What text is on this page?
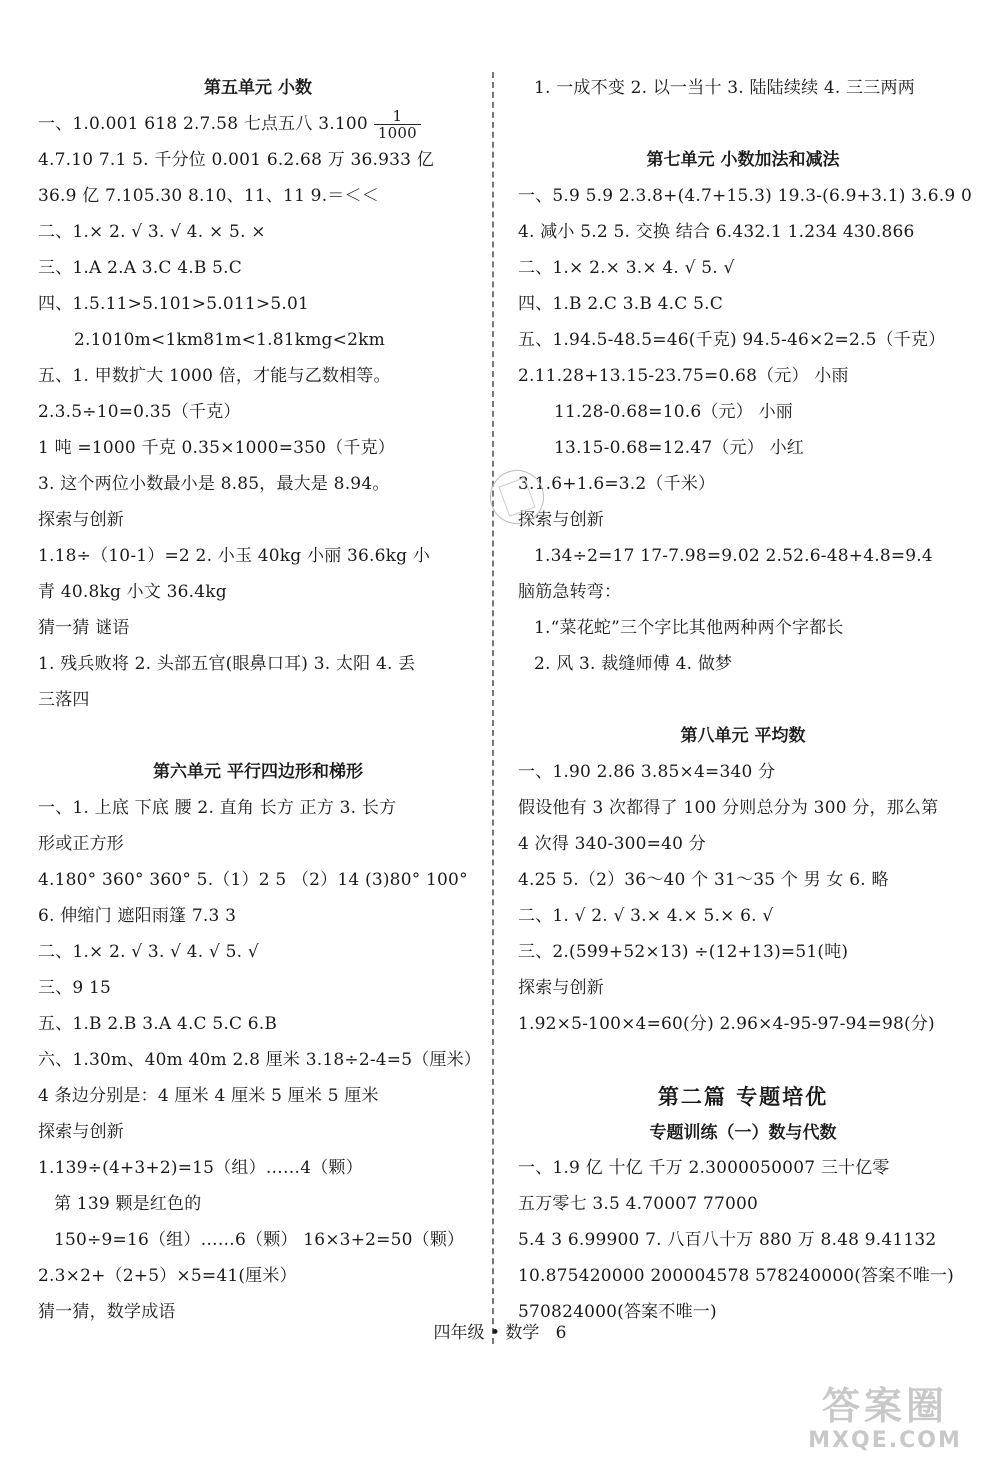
第五单元 小数
一、1.0.001 618 2.7.58 七点五八 $3.100 \frac{1}{1000}$
4.7.10 7.1 5. 千分位 0.001 6.2.68 万 36.933 亿
36.9 亿 7.105.30 8.10、11、11 9.＝＜＜
二、1.× 2. √ 3. √ 4. × 5. ×
三、1.A 2.A 3.C 4.B 5.C
四、1.5.11>5.101>5.011>5.01
2.1010m<1km81m<1.81kmg<2km
五、1. 甲数扩大 1000 倍，才能与乙数相等。
2.3.5÷10=0.35（千克）
1 吨 =1000 千克 0.35×1000=350（千克）
3. 这个两位小数最小是 8.85，最大是 8.94。
探索与创新
1.18÷（10-1）=2 2. 小玉 40kg 小丽 36.6kg 小
青 40.8kg 小文 36.4kg
猜一猜 谜语
1. 残兵败将 2. 头部五官(眼鼻口耳) 3. 太阳 4. 丢
三落四
第六单元 平行四边形和梯形
一、1. 上底 下底 腰 2. 直角 长方 正方 3. 长方
形或正方形
4.180° 360° 360° 5.（1）2 5 （2）14 (3)80° 100°
6. 伸缩门 遮阳雨篷 7.3 3
二、1.× 2. √ 3. √ 4. √ 5. √
三、9 15
五、1.B 2.B 3.A 4.C 5.C 6.B
六、1.30m、40m 40m 2.8 厘米 3.18÷2-4=5（厘米）
4 条边分别是：4 厘米 4 厘米 5 厘米 5 厘米
探索与创新
1.139÷(4+3+2)=15（组）……4（颗）
第 139 颗是红色的
150÷9=16（组）……6（颗） 16×3+2=50（颗）
2.3×2+（2+5）×5=41(厘米）
猜一猜，数学成语
1. 一成不变 2. 以一当十 3. 陆陆续续 4. 三三两两
第七单元 小数加法和减法
一、5.9 5.9 2.3.8+(4.7+15.3) 19.3-(6.9+3.1) 3.6.9 0
4. 减小 5.2 5. 交换 结合 6.432.1 1.234 430.866
二、1.× 2.× 3.× 4. √ 5. √
四、1.B 2.C 3.B 4.C 5.C
五、1.94.5-48.5=46(千克) 94.5-46×2=2.5（千克）
2.11.28+13.15-23.75=0.68（元） 小雨
11.28-0.68=10.6（元） 小丽
13.15-0.68=12.47（元） 小红
3.1.6+1.6=3.2（千米）
探索与创新
1.34÷2=17 17-7.98=9.02 2.52.6-48+4.8=9.4
脑筋急转弯：
1.“菜花蛇”三个字比其他两种两个字都长
2. 风 3. 裁缝师傅 4. 做梦
第八单元 平均数
一、1.90 2.86 3.85×4=340 分
假设他有 3 次都得了 100 分则总分为 300 分，那么第
4 次得 340-300=40 分
4.25 5.（2）36～40 个 31～35 个 男 女 6. 略
二、1. √ 2. √ 3.× 4.× 5.× 6. √
三、2.(599+52×13) ÷(12+13)=51(吨)
探索与创新
1.92×5-100×4=60(分) 2.96×4-95-97-94=98(分)
第二篇 专题培优
专题训练（一）数与代数
一、1.9 亿 十亿 千万 2.3000050007 三十亿零
五万零七 3.5 4.70007 77000
5.4 3 6.99900 7. 八百八十万 880 万 8.48 9.41132
10.875420000 200004578 578240000(答案不唯一)
570824000(答案不唯一)
四年级 • 数学 6
答案圈
MXQE.COM
